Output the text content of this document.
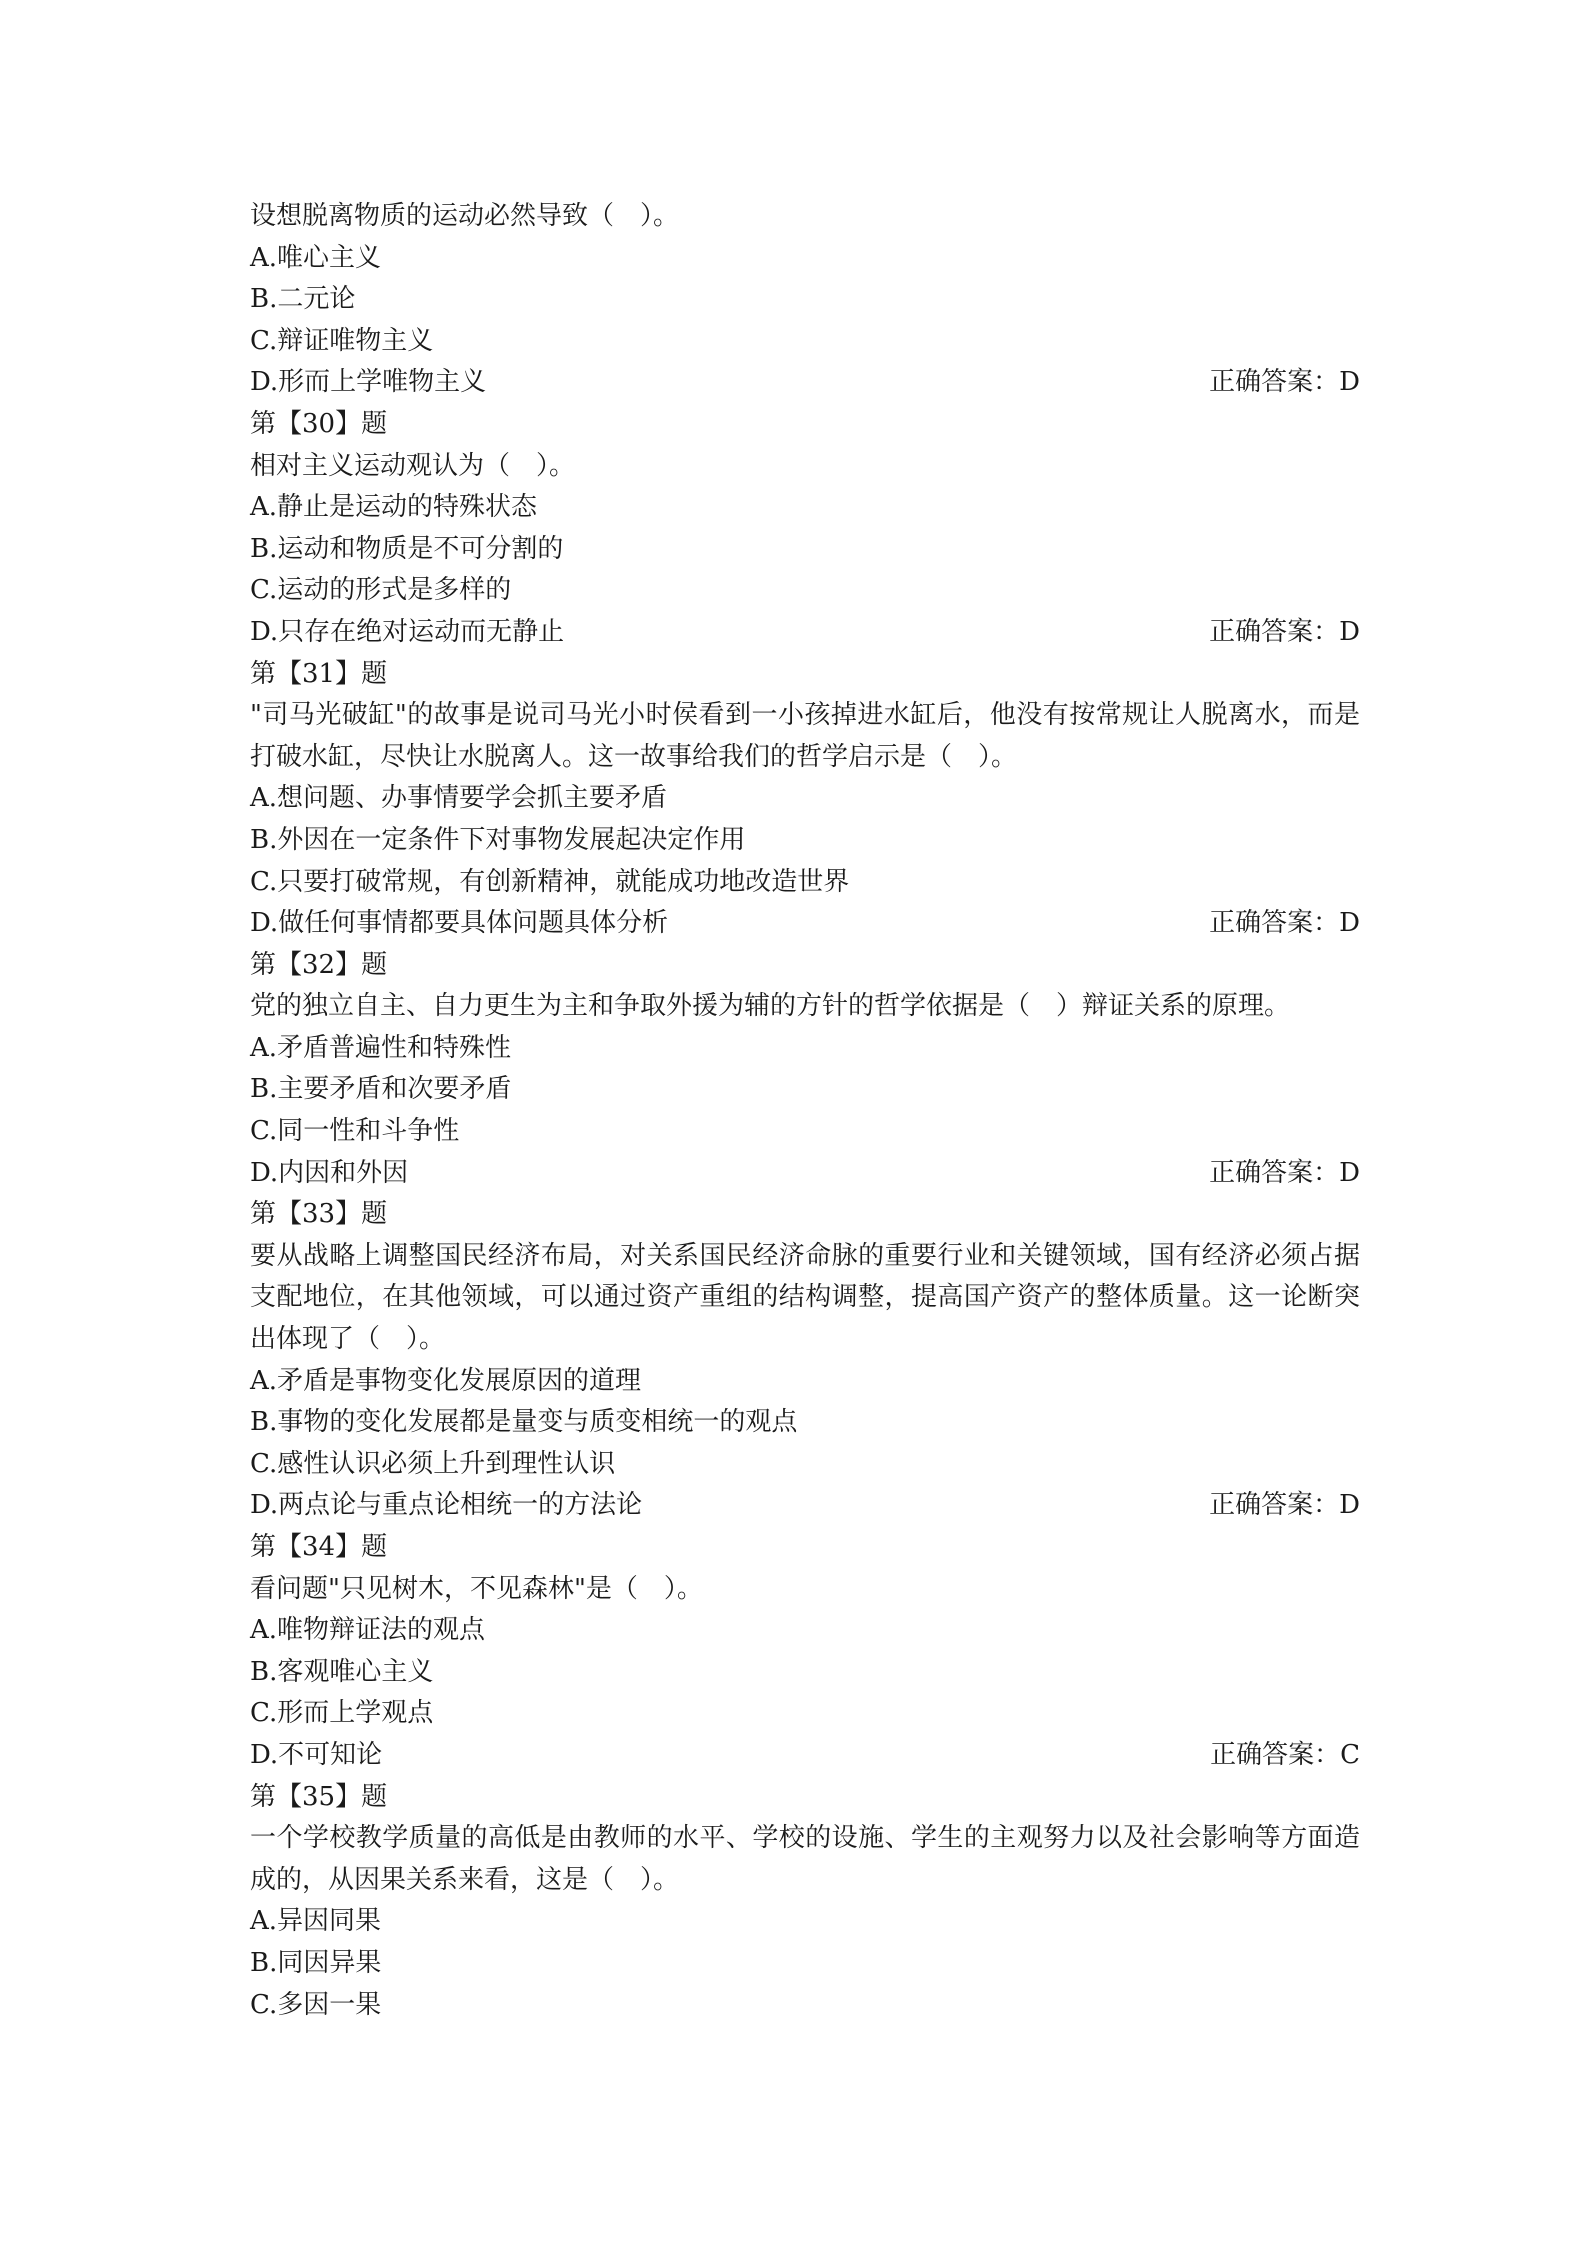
设想脱离物质的运动必然导致（　）。
A.唯心主义
B.二元论
C.辩证唯物主义
D.形而上学唯物主义	正确答案：D
第【30】题
相对主义运动观认为（　）。
A.静止是运动的特殊状态
B.运动和物质是不可分割的
C.运动的形式是多样的
D.只存在绝对运动而无静止	正确答案：D
第【31】题
"司马光破缸"的故事是说司马光小时侯看到一小孩掉进水缸后，他没有按常规让人脱离水，而是打破水缸，尽快让水脱离人。这一故事给我们的哲学启示是（　）。
A.想问题、办事情要学会抓主要矛盾
B.外因在一定条件下对事物发展起决定作用
C.只要打破常规，有创新精神，就能成功地改造世界
D.做任何事情都要具体问题具体分析	正确答案：D
第【32】题
党的独立自主、自力更生为主和争取外援为辅的方针的哲学依据是（　）辩证关系的原理。
A.矛盾普遍性和特殊性
B.主要矛盾和次要矛盾
C.同一性和斗争性
D.内因和外因	正确答案：D
第【33】题
要从战略上调整国民经济布局，对关系国民经济命脉的重要行业和关键领域，国有经济必须占据支配地位，在其他领域，可以通过资产重组的结构调整，提高国产资产的整体质量。这一论断突出体现了（　）。
A.矛盾是事物变化发展原因的道理
B.事物的变化发展都是量变与质变相统一的观点
C.感性认识必须上升到理性认识
D.两点论与重点论相统一的方法论	正确答案：D
第【34】题
看问题"只见树木，不见森林"是（　）。
A.唯物辩证法的观点
B.客观唯心主义
C.形而上学观点
D.不可知论	正确答案：C
第【35】题
一个学校教学质量的高低是由教师的水平、学校的设施、学生的主观努力以及社会影响等方面造成的，从因果关系来看，这是（　）。
A.异因同果
B.同因异果
C.多因一果
